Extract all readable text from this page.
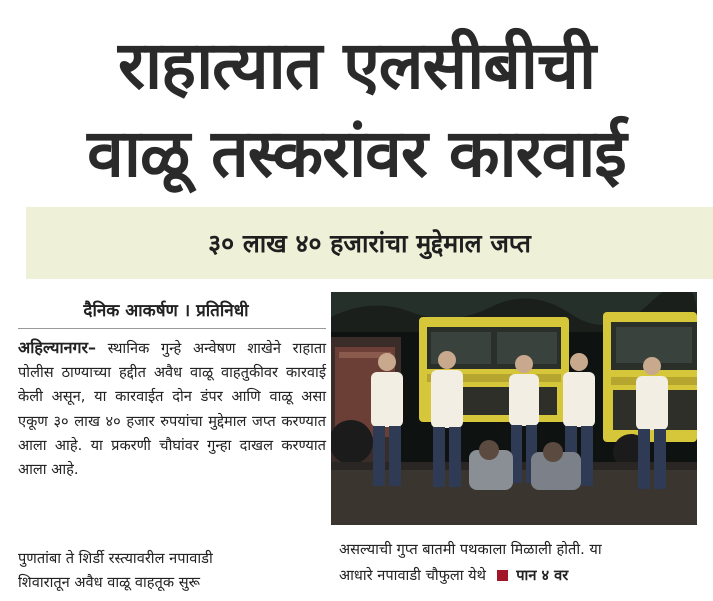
राहात्यात एलसीबीची
वाळू तस्करांवर कारवाई
३० लाख ४० हजारांचा मुद्देमाल जप्त
दैनिक आकर्षण । प्रतिनिधी
अहिल्यानगर– स्थानिक गुन्हे अन्वेषण शाखेने राहाता पोलीस ठाण्याच्या हद्दीत अवैध वाळू वाहतुकीवर कारवाई केली असून, या कारवाईत दोन डंपर आणि वाळू असा एकूण ३० लाख ४० हजार रुपयांचा मुद्देमाल जप्त करण्यात आला आहे. या प्रकरणी चौघांवर गुन्हा दाखल करण्यात आला आहे.
पुणतांबा ते शिर्डी रस्त्यावरील नपावाडी
शिवारातून अवैध वाळू वाहतूक सुरू
असल्याची गुप्त बातमी पथकाला मिळाली होती. या
आधारे नपावाडी चौफुला येथे पान ४ वर
